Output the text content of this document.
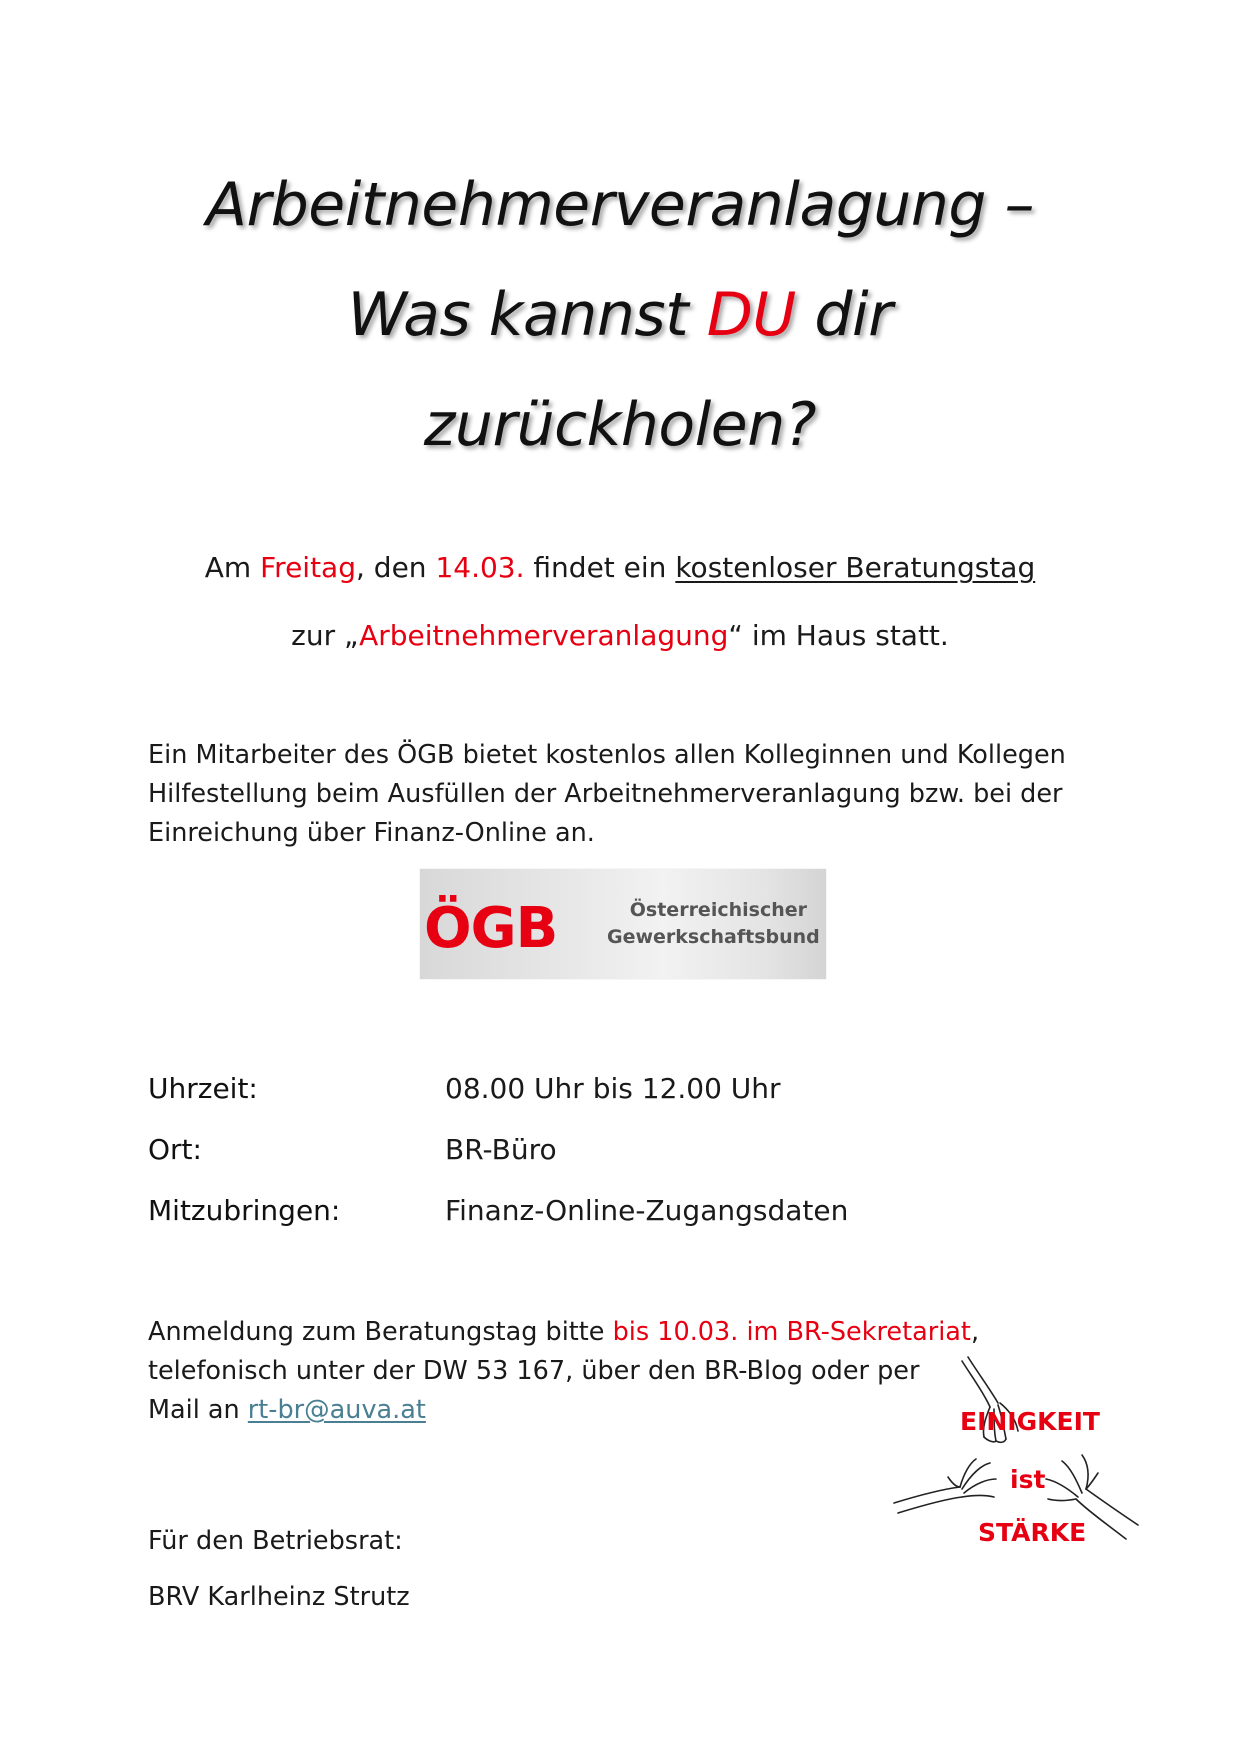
Arbeitnehmerveranlagung –
Was kannst DU dir
zurückholen?
Am Freitag, den 14.03. findet ein kostenloser Beratungstag
zur „Arbeitnehmerveranlagung“ im Haus statt.
Ein Mitarbeiter des ÖGB bietet kostenlos allen Kolleginnen und Kollegen
Hilfestellung beim Ausfüllen der Arbeitnehmerveranlagung bzw. bei der
Einreichung über Finanz-Online an.
ÖGB	Österreichischer
Gewerkschaftsbund
Uhrzeit:	08.00 Uhr bis 12.00 Uhr
Ort:	BR-Büro
Mitzubringen:	Finanz-Online-Zugangsdaten
Anmeldung zum Beratungstag bitte bis 10.03. im BR-Sekretariat,
telefonisch unter der DW 53 167, über den BR-Blog oder per
Mail an rt-br@auva.at
Für den Betriebsrat:
BRV Karlheinz Strutz
EINIGKEIT
ist
STÄRKE
